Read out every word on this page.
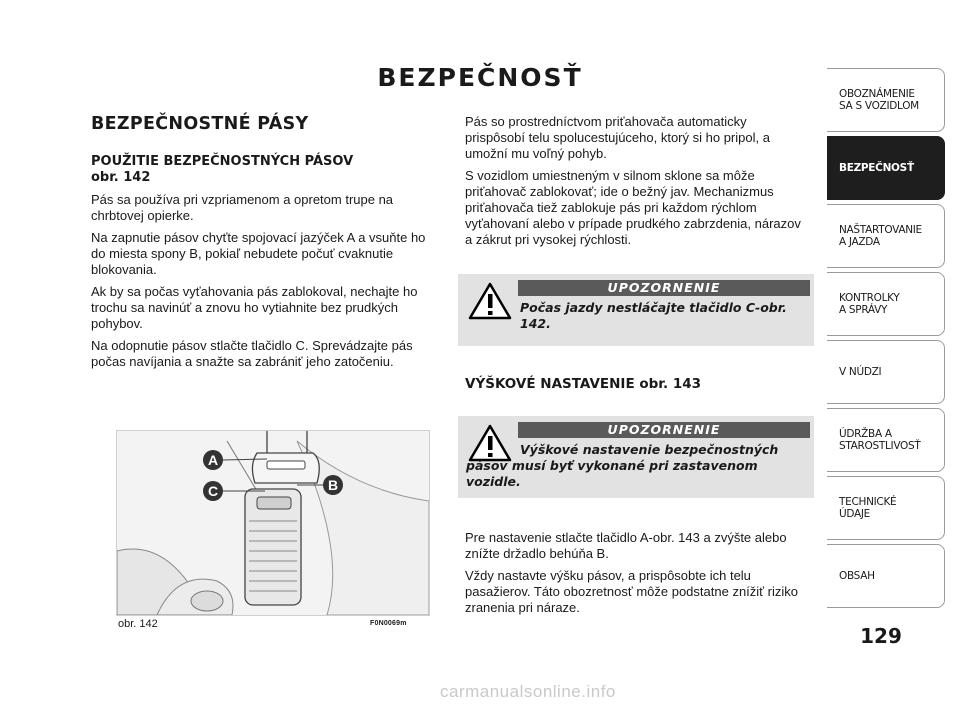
BEZPEČNOSŤ
BEZPEČNOSTNÉ PÁSY
POUŽITIE BEZPEČNOSTNÝCH PÁSOV
obr. 142

Pás sa používa pri vzpriamenom a opretom trupe na chrbtovej opierke.

Na zapnutie pásov chyťte spojovací jazýček A a vsuňte ho do miesta spony B, pokiaľ nebudete počuť cvaknutie blokovania.

Ak by sa počas vyťahovania pás zablokoval, nechajte ho trochu sa navinúť a znovu ho vytiahnite bez prudkých pohybov.

Na odopnutie pásov stlačte tlačidlo C. Sprevádzajte pás počas navíjania a snažte sa zabrániť jeho zatočeniu.

A
C	B
obr. 142	F0N0069m

Pás so prostredníctvom priťahovača automaticky prispôsobí telu spolucestujúceho, ktorý si ho pripol, a umožní mu voľný pohyb.

S vozidlom umiestneným v silnom sklone sa môže priťahovač zablokovať; ide o bežný jav. Mechanizmus priťahovača tiež zablokuje pás pri každom rýchlom vyťahovaní alebo v prípade prudkého zabrzdenia, nárazov a zákrut pri vysokej rýchlosti.

UPOZORNENIE
Počas jazdy nestláčajte tlačidlo C-obr. 142.
VÝŠKOVÉ NASTAVENIE obr. 143
UPOZORNENIE
Výškové nastavenie bezpečnostných pásov musí byť vykonané pri zastavenom vozidle.

Pre nastavenie stlačte tlačidlo A-obr. 143 a zvýšte alebo znížte držadlo behúňa B.

Vždy nastavte výšku pásov, a prispôsobte ich telu pasažierov. Táto obozretnosť môže podstatne znížiť riziko zranenia pri náraze.

OBOZNÁMENIE
SA S VOZIDLOM
BEZPEČNOSŤ
NAŠTARTOVANIE
A JAZDA
KONTROLKY
A SPRÁVY
V NÚDZI
ÚDRŽBA A
STAROSTLIVOSŤ
TECHNICKÉ
ÚDAJE
OBSAH
129
carmanualsonline.info
